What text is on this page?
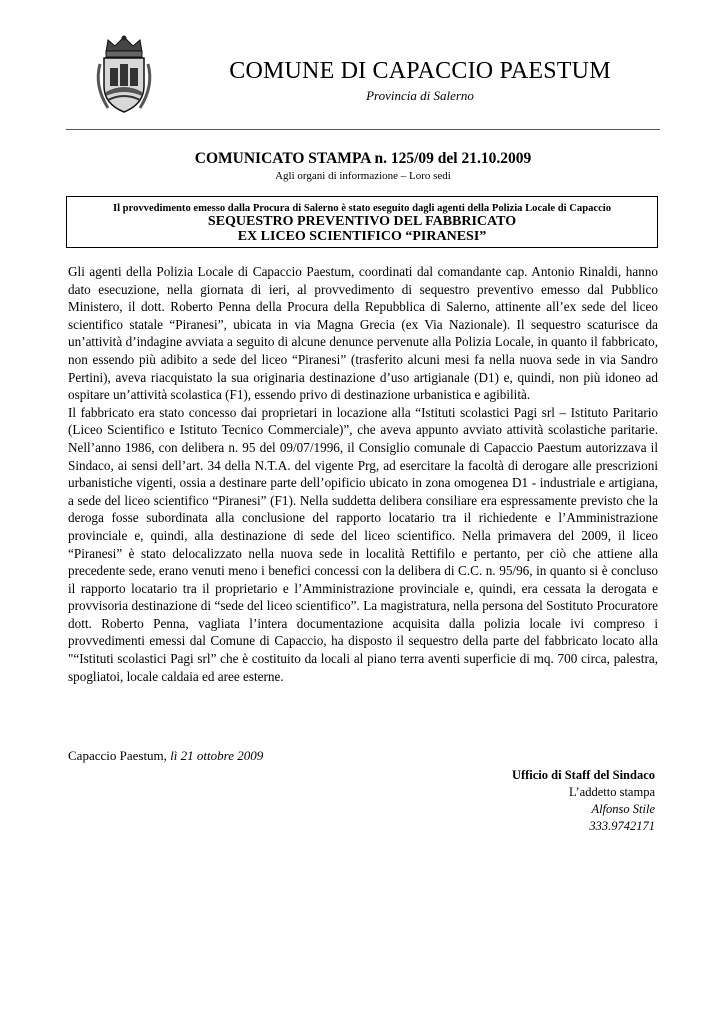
COMUNE DI CAPACCIO PAESTUM
Provincia di Salerno
COMUNICATO STAMPA n. 125/09 del 21.10.2009
Agli organi di informazione – Loro sedi
Il provvedimento emesso dalla Procura di Salerno è stato eseguito dagli agenti della Polizia Locale di Capaccio
SEQUESTRO PREVENTIVO DEL FABBRICATO
EX LICEO SCIENTIFICO “PIRANESI”

Gli agenti della Polizia Locale di Capaccio Paestum, coordinati dal comandante cap. Antonio Rinaldi, hanno dato esecuzione, nella giornata di ieri, al provvedimento di sequestro preventivo emesso dal Pubblico Ministero, il dott. Roberto Penna della Procura della Repubblica di Salerno, attinente all’ex sede del liceo scientifico statale “Piranesi”, ubicata in via Magna Grecia (ex Via Nazionale). Il sequestro scaturisce da un’attività d’indagine avviata a seguito di alcune denunce pervenute alla Polizia Locale, in quanto il fabbricato, non essendo più adibito a sede del liceo “Piranesi” (trasferito alcuni mesi fa nella nuova sede in via Sandro Pertini), aveva riacquistato la sua originaria destinazione d’uso artigianale (D1) e, quindi, non più idoneo ad ospitare un’attività scolastica (F1), essendo privo di destinazione urbanistica e agibilità.

Il fabbricato era stato concesso dai proprietari in locazione alla “Istituti scolastici Pagi srl – Istituto Paritario (Liceo Scientifico e Istituto Tecnico Commerciale)”, che aveva appunto avviato attività scolastiche paritarie. Nell’anno 1986, con delibera n. 95 del 09/07/1996, il Consiglio comunale di Capaccio Paestum autorizzava il Sindaco, ai sensi dell’art. 34 della N.T.A. del vigente Prg, ad esercitare la facoltà di derogare alle prescrizioni urbanistiche vigenti, ossia a destinare parte dell’opificio ubicato in zona omogenea D1 - industriale e artigiana, a sede del liceo scientifico “Piranesi” (F1). Nella suddetta delibera consiliare era espressamente previsto che la deroga fosse subordinata alla conclusione del rapporto locatario tra il richiedente e l’Amministrazione provinciale e, quindi, alla destinazione di sede del liceo scientifico. Nella primavera del 2009, il liceo “Piranesi” è stato delocalizzato nella nuova sede in località Rettifilo e pertanto, per ciò che attiene alla precedente sede, erano venuti meno i benefici concessi con la delibera di C.C. n. 95/96, in quanto si è concluso il rapporto locatario tra il proprietario e l’Amministrazione provinciale e, quindi, era cessata la derogata e provvisoria destinazione di “sede del liceo scientifico”. La magistratura, nella persona del Sostituto Procuratore dott. Roberto Penna, vagliata l’intera documentazione acquisita dalla polizia locale ivi compreso i provvedimenti emessi dal Comune di Capaccio, ha disposto il sequestro della parte del fabbricato locato alla "“Istituti scolastici Pagi srl” che è costituito da locali al piano terra aventi superficie di mq. 700 circa, palestra, spogliatoi, locale caldaia ed aree esterne.

Capaccio Paestum, lì 21 ottobre 2009
Ufficio di Staff del Sindaco
L’addetto stampa
Alfonso Stile
333.9742171
